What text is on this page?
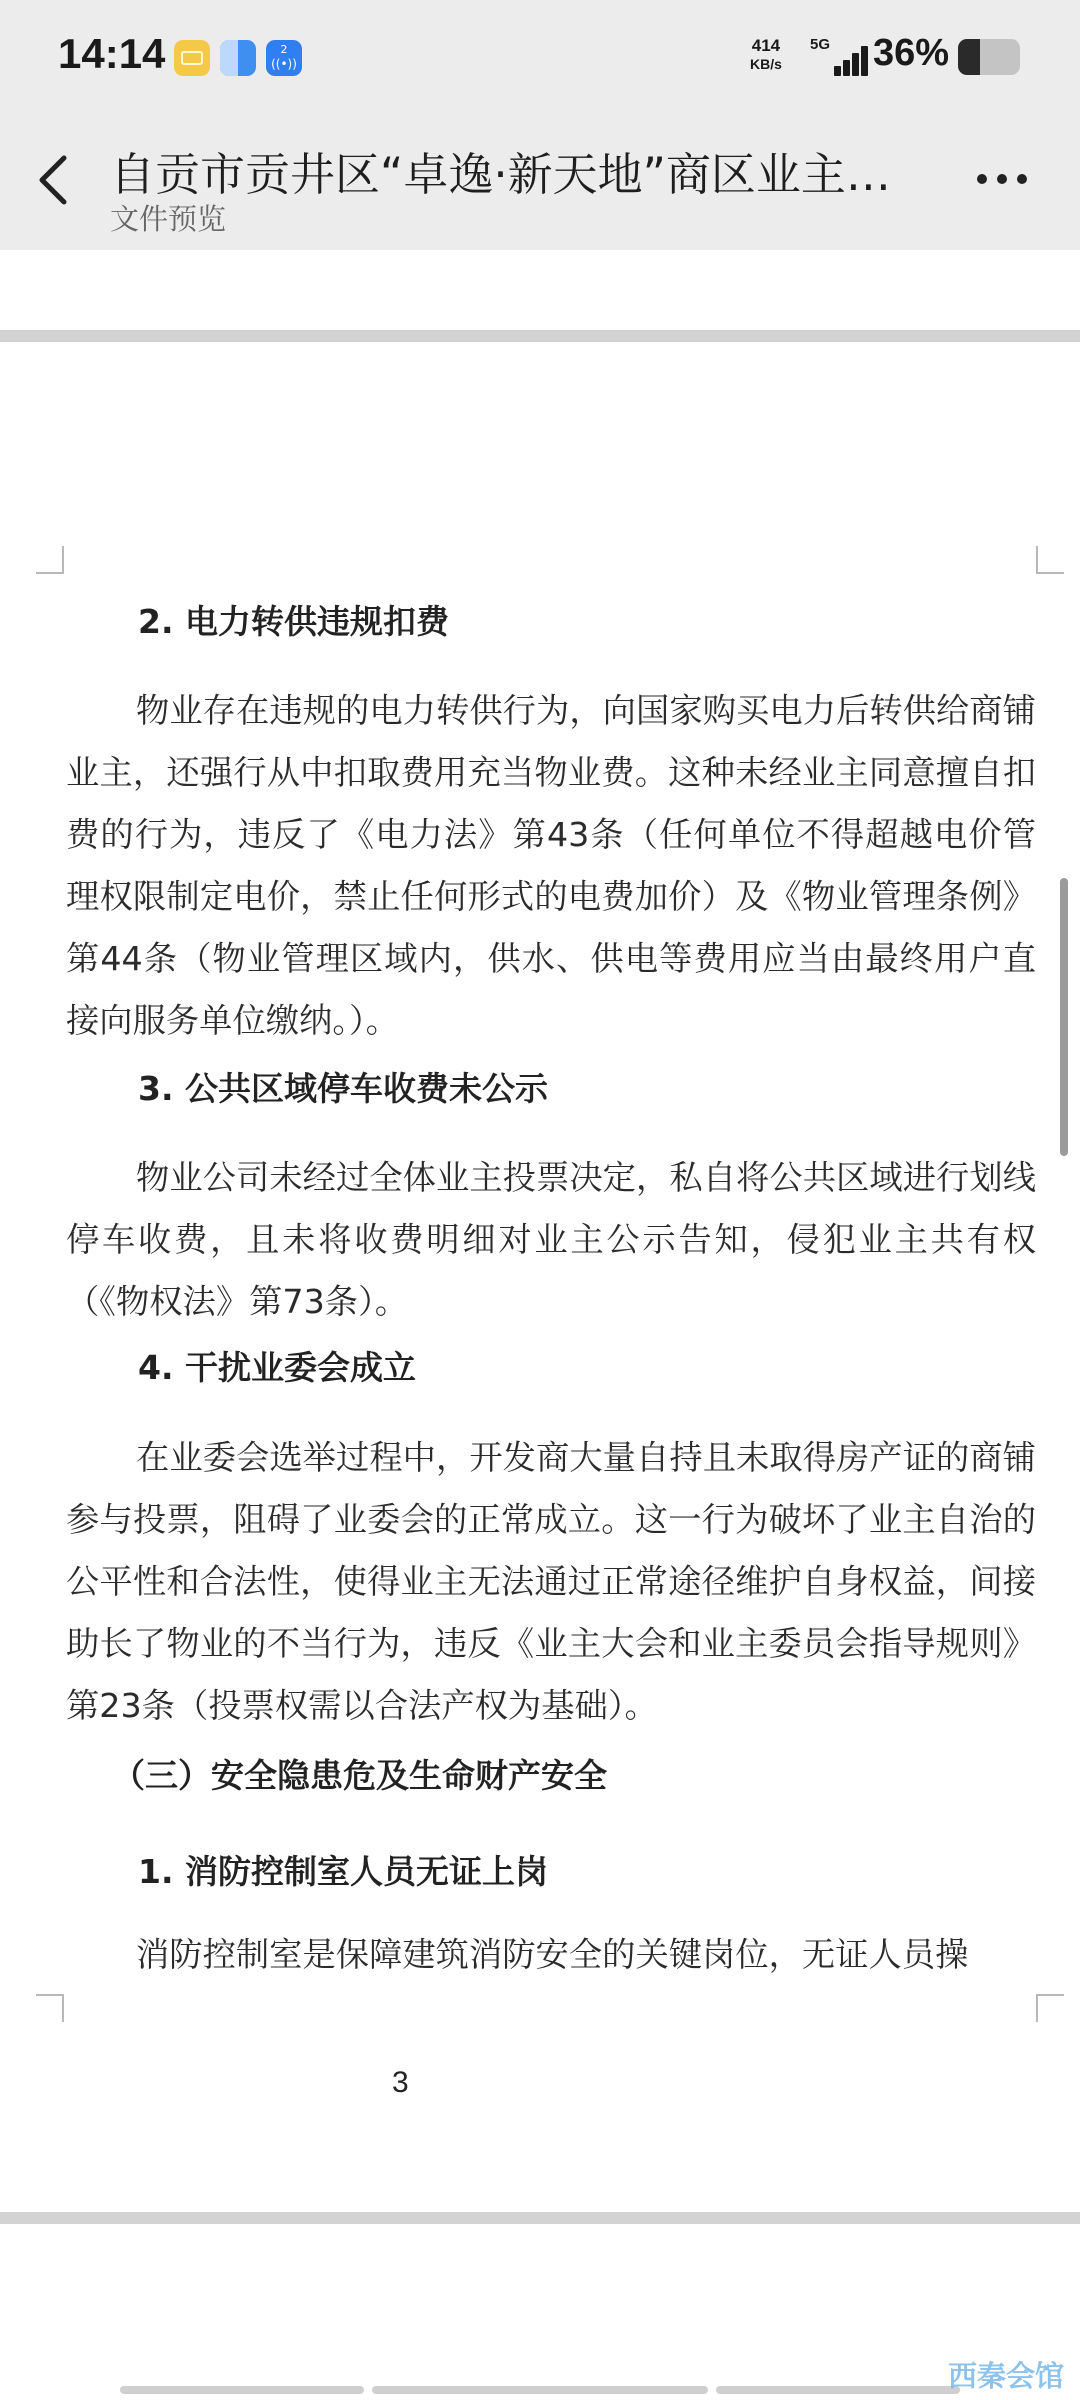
14:14	2
((•))
414
KB/s
5G 36%
自贡市贡井区“卓逸·新天地”商区业主…
文件预览
2. 电力转供违规扣费
物业存在违规的电力转供行为，向国家购买电力后转供给商铺业主，还强行从中扣取费用充当物业费。这种未经业主同意擅自扣费的行为，违反了《电力法》第43条（任何单位不得超越电价管理权限制定电价，禁止任何形式的电费加价）及《物业管理条例》第44条（物业管理区域内，供水、供电等费用应当由最终用户直接向服务单位缴纳。）。
3. 公共区域停车收费未公示
物业公司未经过全体业主投票决定，私自将公共区域进行划线停车收费，且未将收费明细对业主公示告知，侵犯业主共有权（《物权法》第73条）。
4. 干扰业委会成立
在业委会选举过程中，开发商大量自持且未取得房产证的商铺参与投票，阻碍了业委会的正常成立。这一行为破坏了业主自治的公平性和合法性，使得业主无法通过正常途径维护自身权益，间接助长了物业的不当行为，违反《业主大会和业主委员会指导规则》第23条（投票权需以合法产权为基础）。
（三）安全隐患危及生命财产安全
1. 消防控制室人员无证上岗
消防控制室是保障建筑消防安全的关键岗位，无证人员操
3
西秦会馆
